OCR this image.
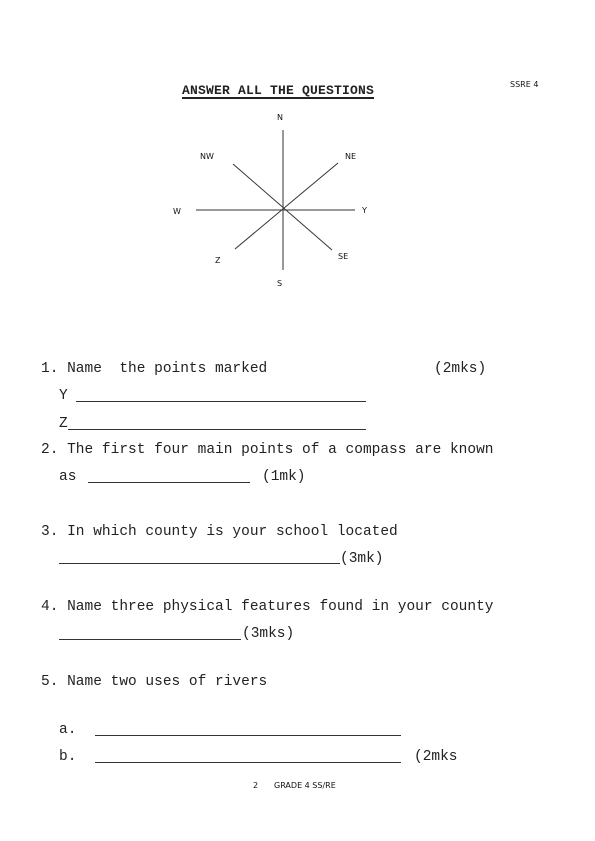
ANSWER ALL THE QUESTIONS	SSRE 4
N
NE
NW
W	Y
Z	SE
S
1. Name  the points marked	(2mks)
Y
Z
2. The first four main points of a compass are known
as	(1mk)
3. In which county is your school located
(3mk)
4. Name three physical features found in your county
(3mks)
5. Name two uses of rivers
a.
b.	(2mks
2 GRADE 4 SS/RE
